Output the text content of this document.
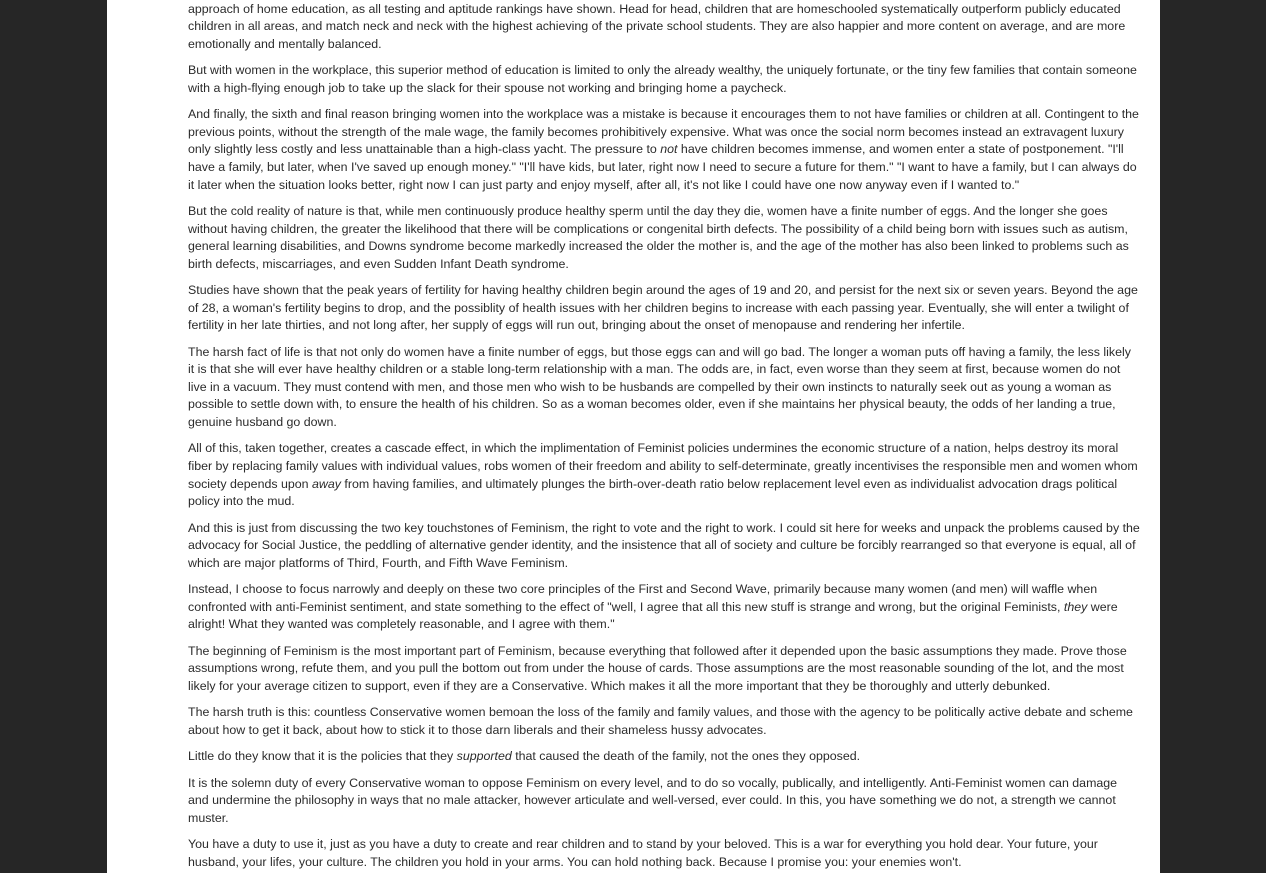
approach of home education, as all testing and aptitude rankings have shown. Head for head, children that are homeschooled systematically outperform publicly educated children in all areas, and match neck and neck with the highest achieving of the private school students. They are also happier and more content on average, and are more emotionally and mentally balanced.

But with women in the workplace, this superior method of education is limited to only the already wealthy, the uniquely fortunate, or the tiny few families that contain someone with a high-flying enough job to take up the slack for their spouse not working and bringing home a paycheck.

And finally, the sixth and final reason bringing women into the workplace was a mistake is because it encourages them to not have families or children at all. Contingent to the previous points, without the strength of the male wage, the family becomes prohibitively expensive. What was once the social norm becomes instead an extravagent luxury only slightly less costly and less unattainable than a high-class yacht. The pressure to not have children becomes immense, and women enter a state of postponement. "I'll have a family, but later, when I've saved up enough money." "I'll have kids, but later, right now I need to secure a future for them." "I want to have a family, but I can always do it later when the situation looks better, right now I can just party and enjoy myself, after all, it's not like I could have one now anyway even if I wanted to."

But the cold reality of nature is that, while men continuously produce healthy sperm until the day they die, women have a finite number of eggs. And the longer she goes without having children, the greater the likelihood that there will be complications or congenital birth defects. The possibility of a child being born with issues such as autism, general learning disabilities, and Downs syndrome become markedly increased the older the mother is, and the age of the mother has also been linked to problems such as birth defects, miscarriages, and even Sudden Infant Death syndrome.

Studies have shown that the peak years of fertility for having healthy children begin around the ages of 19 and 20, and persist for the next six or seven years. Beyond the age of 28, a woman's fertility begins to drop, and the possiblity of health issues with her children begins to increase with each passing year. Eventually, she will enter a twilight of fertility in her late thirties, and not long after, her supply of eggs will run out, bringing about the onset of menopause and rendering her infertile.

The harsh fact of life is that not only do women have a finite number of eggs, but those eggs can and will go bad. The longer a woman puts off having a family, the less likely it is that she will ever have healthy children or a stable long-term relationship with a man. The odds are, in fact, even worse than they seem at first, because women do not live in a vacuum. They must contend with men, and those men who wish to be husbands are compelled by their own instincts to naturally seek out as young a woman as possible to settle down with, to ensure the health of his children. So as a woman becomes older, even if she maintains her physical beauty, the odds of her landing a true, genuine husband go down.

All of this, taken together, creates a cascade effect, in which the implimentation of Feminist policies undermines the economic structure of a nation, helps destroy its moral fiber by replacing family values with individual values, robs women of their freedom and ability to self-determinate, greatly incentivises the responsible men and women whom society depends upon away from having families, and ultimately plunges the birth-over-death ratio below replacement level even as individualist advocation drags political policy into the mud.

And this is just from discussing the two key touchstones of Feminism, the right to vote and the right to work. I could sit here for weeks and unpack the problems caused by the advocacy for Social Justice, the peddling of alternative gender identity, and the insistence that all of society and culture be forcibly rearranged so that everyone is equal, all of which are major platforms of Third, Fourth, and Fifth Wave Feminism.

Instead, I choose to focus narrowly and deeply on these two core principles of the First and Second Wave, primarily because many women (and men) will waffle when confronted with anti-Feminist sentiment, and state something to the effect of "well, I agree that all this new stuff is strange and wrong, but the original Feminists, they were alright! What they wanted was completely reasonable, and I agree with them."

The beginning of Feminism is the most important part of Feminism, because everything that followed after it depended upon the basic assumptions they made. Prove those assumptions wrong, refute them, and you pull the bottom out from under the house of cards. Those assumptions are the most reasonable sounding of the lot, and the most likely for your average citizen to support, even if they are a Conservative. Which makes it all the more important that they be thoroughly and utterly debunked.

The harsh truth is this: countless Conservative women bemoan the loss of the family and family values, and those with the agency to be politically active debate and scheme about how to get it back, about how to stick it to those darn liberals and their shameless hussy advocates.

Little do they know that it is the policies that they supported that caused the death of the family, not the ones they opposed.

It is the solemn duty of every Conservative woman to oppose Feminism on every level, and to do so vocally, publically, and intelligently. Anti-Feminist women can damage and undermine the philosophy in ways that no male attacker, however articulate and well-versed, ever could. In this, you have something we do not, a strength we cannot muster.

You have a duty to use it, just as you have a duty to create and rear children and to stand by your beloved. This is a war for everything you hold dear. Your future, your husband, your lifes, your culture. The children you hold in your arms. You can hold nothing back. Because I promise you: your enemies won't.
